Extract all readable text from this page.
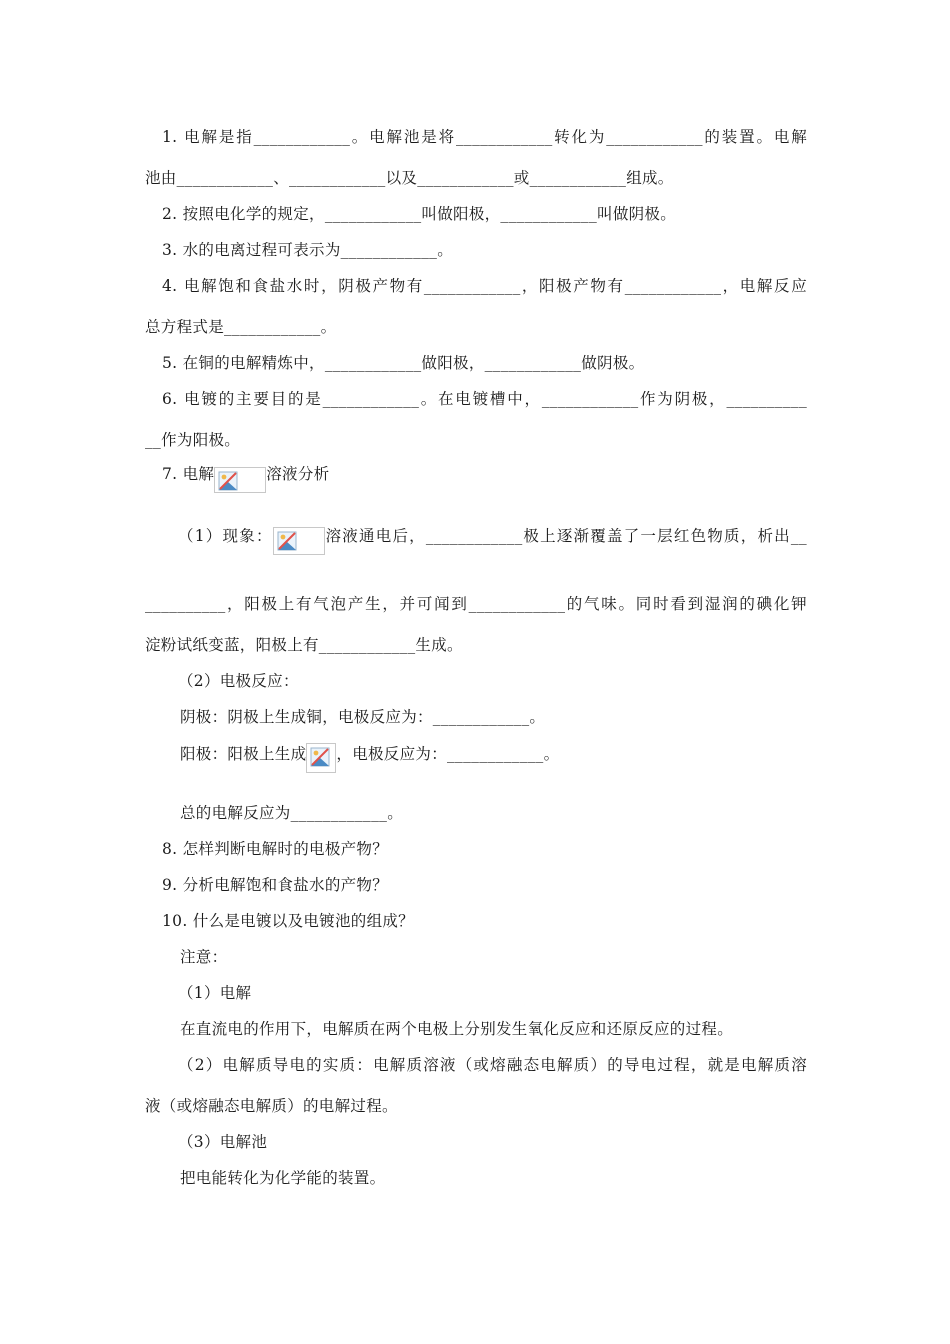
1. 电解是指____________。电解池是将____________转化为____________的装置。电解
池由____________、____________以及____________或____________组成。
2. 按照电化学的规定，____________叫做阳极，____________叫做阴极。
3. 水的电离过程可表示为____________。
4. 电解饱和食盐水时，阴极产物有____________，阳极产物有____________，电解反应
总方程式是____________。
5. 在铜的电解精炼中，____________做阳极，____________做阴极。
6. 电镀的主要目的是____________。在电镀槽中，____________作为阴极，__________
__作为阳极。
7. 电解	溶液分析
（1）现象：	溶液通电后，____________极上逐渐覆盖了一层红色物质，析出__
__________，阳极上有气泡产生，并可闻到____________的气味。同时看到湿润的碘化钾
淀粉试纸变蓝，阳极上有____________生成。
（2）电极反应：
阴极：阴极上生成铜，电极反应为：____________。
阳极：阳极上生成 ，电极反应为：____________。
总的电解反应为____________。
8. 怎样判断电解时的电极产物？
9. 分析电解饱和食盐水的产物？
10. 什么是电镀以及电镀池的组成？
注意：
（1）电解
在直流电的作用下，电解质在两个电极上分别发生氧化反应和还原反应的过程。
（2）电解质导电的实质：电解质溶液（或熔融态电解质）的导电过程，就是电解质溶
液（或熔融态电解质）的电解过程。
（3）电解池
把电能转化为化学能的装置。
